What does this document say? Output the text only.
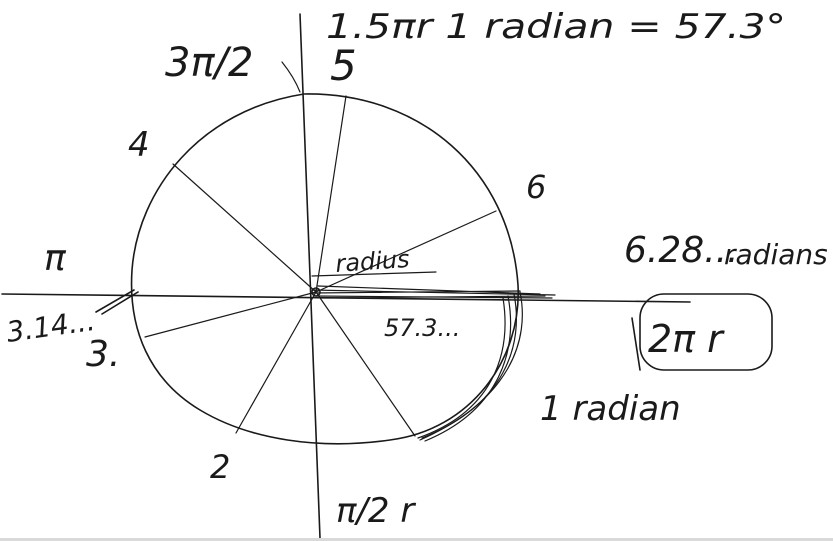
1.5πr 1 radian = 57.3°
3π/2 5
4
6
π
3.14...
3.
2
radius
57.3...
6.28...
radians
2π r
1 radian
π/2 r
